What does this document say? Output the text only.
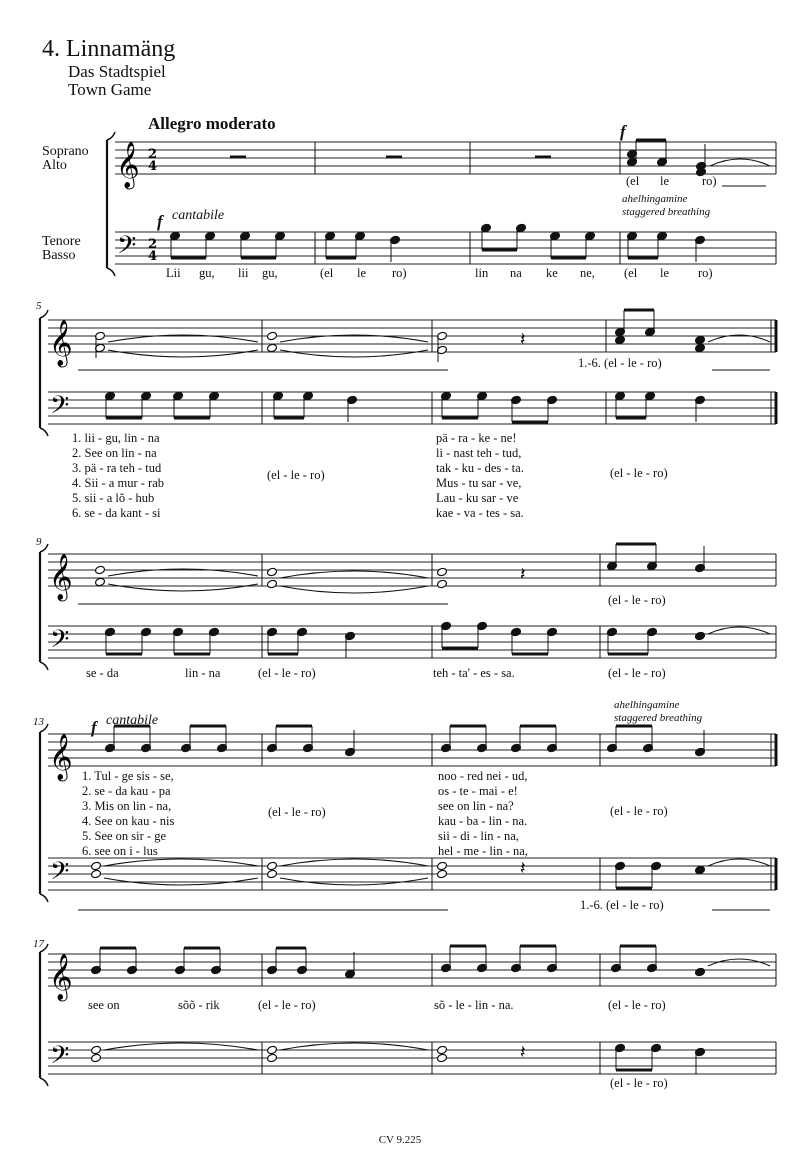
4. Linnamäng
Das Stadtspiel
Town Game
Soprano
Alto
Tenore
Basso
Allegro moderato	f
f cantabile
ahelhingamine
staggered breathing
f cantabile
ahelhingamine
staggered breathing
5
9
13
17
(el le	ro)
Lii gu, lii gu,	(el le ro)	lin na ke ne, (el le ro)
1.-6. (el - le - ro)
1. lii - gu, lin - na
2. See on lin - na
3. pä - ra teh - tud
4. Sii - a mur - rab
5. sii - a lõ - hub
6. se - da kant - si
(el - le - ro)
pä - ra - ke - ne!
li - nast teh - tud,
tak - ku - des - ta.
Mus - tu sar - ve,
Lau - ku sar - ve
kae - va - tes - sa.
(el - le - ro)
(el - le - ro)
se - da	lin - na	(el - le - ro)	teh - ta' - es - sa.	(el - le - ro)
1. Tul - ge sis - se,
2. se - da kau - pa
3. Mis on lin - na,
4. See on kau - nis
5. See on sir - ge
6. see on i - lus
(el - le - ro)
noo - red nei - ud,
os - te - mai - e!
see on lin - na?
kau - ba - lin - na.
sii - di - lin - na,
hel - me - lin - na,
(el - le - ro)
1.-6. (el - le - ro)
see on	sõõ - rik	(el - le - ro)	sõ - le - lin - na.	(el - le - ro)
(el - le - ro)
CV 9.225
𝄞
𝄢
2
4
2
4
𝄞
𝄢
𝄽
𝄞
𝄢
𝄽
𝄞
𝄢	𝄽
𝄞
𝄢	𝄽
